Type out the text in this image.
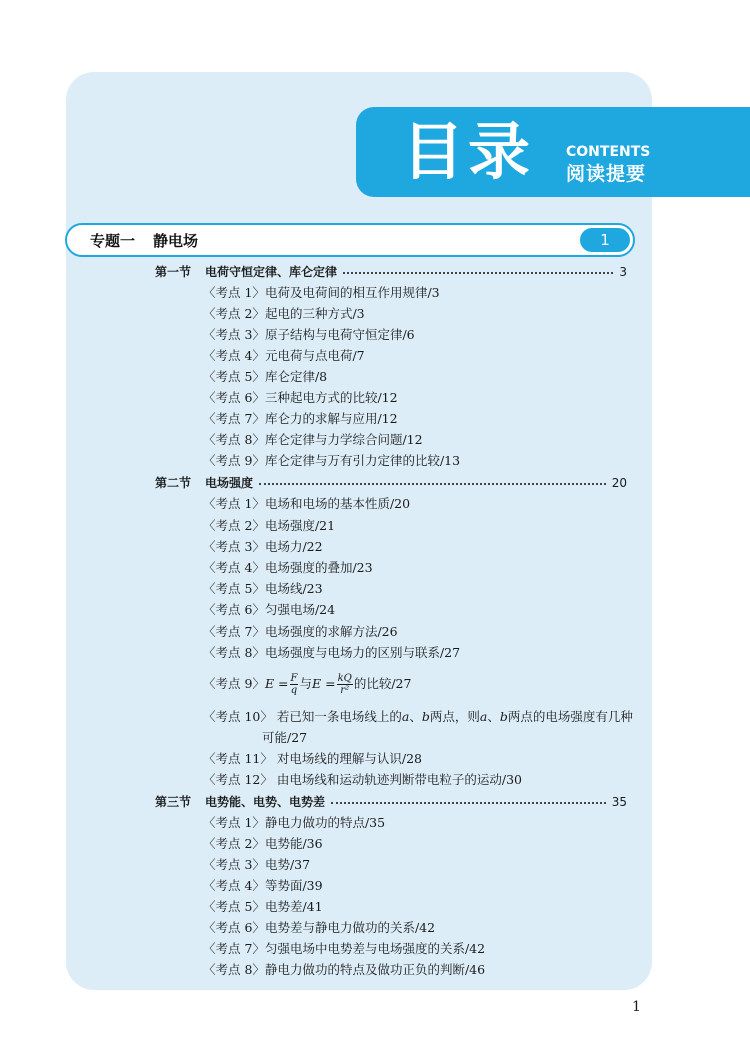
目录	CONTENTS
阅读提要
专题一 静电场	1
第一节	电荷守恒定律、库仑定律	3
〈考点 1〉电荷及电荷间的相互作用规律/3
〈考点 2〉起电的三种方式/3
〈考点 3〉原子结构与电荷守恒定律/6
〈考点 4〉元电荷与点电荷/7
〈考点 5〉库仑定律/8
〈考点 6〉三种起电方式的比较/12
〈考点 7〉库仑力的求解与应用/12
〈考点 8〉库仑定律与力学综合问题/12
〈考点 9〉库仑定律与万有引力定律的比较/13
第二节	电场强度	20
〈考点 1〉电场和电场的基本性质/20
〈考点 2〉电场强度/21
〈考点 3〉电场力/22
〈考点 4〉电场强度的叠加/23
〈考点 5〉电场线/23
〈考点 6〉匀强电场/24
〈考点 7〉电场强度的求解方法/26
〈考点 8〉电场强度与电场力的区别与联系/27
〈考点 9〉$E = \frac{F}{q}$ 与$E = \frac{kQ}{\text{r²}}$ 的比较/27
〈考点 10〉 若已知一条电场线上的a、b两点，则a、b两点的电场强度有几种
可能/27
〈考点 11〉 对电场线的理解与认识/28
〈考点 12〉 由电场线和运动轨迹判断带电粒子的运动/30
第三节	电势能、电势、电势差	35
〈考点 1〉静电力做功的特点/35
〈考点 2〉电势能/36
〈考点 3〉电势/37
〈考点 4〉等势面/39
〈考点 5〉电势差/41
〈考点 6〉电势差与静电力做功的关系/42
〈考点 7〉匀强电场中电势差与电场强度的关系/42
〈考点 8〉静电力做功的特点及做功正负的判断/46
1
